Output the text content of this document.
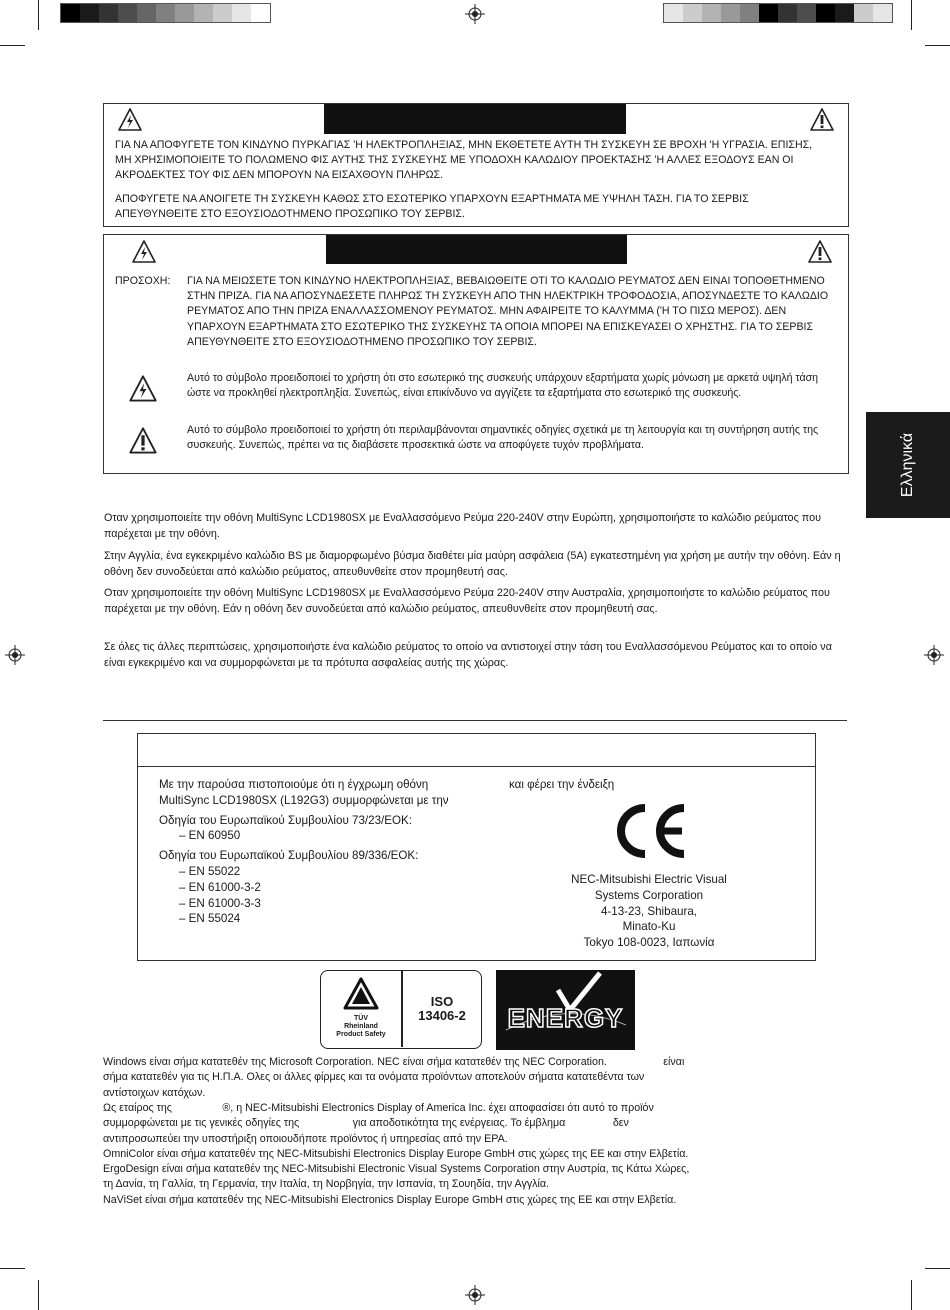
ΓΙΑ ΝΑ ΑΠΟΦΥΓΕΤΕ ΤΟΝ ΚΙΝΔΥΝΟ ΠΥΡΚΑΓΙΑΣ 'Η ΗΛΕΚΤΡΟΠΛΗΞΙΑΣ, ΜΗΝ ΕΚΘΕΤΕΤΕ ΑΥΤΗ ΤΗ ΣΥΣΚΕΥΗ ΣΕ ΒΡΟΧΗ 'Η ΥΓΡΑΣΙΑ. ΕΠΙΣΗΣ, ΜΗ ΧΡΗΣΙΜΟΠΟΙΕΙΤΕ ΤΟ ΠΟΛΩΜΕΝΟ ΦΙΣ ΑΥΤΗΣ ΤΗΣ ΣΥΣΚΕΥΗΣ ΜΕ ΥΠΟΔΟΧΗ ΚΑΛΩΔΙΟΥ ΠΡΟΕΚΤΑΣΗΣ 'Η ΑΛΛΕΣ ΕΞΟΔΟΥΣ ΕΑΝ ΟΙ ΑΚΡΟΔΕΚΤΕΣ ΤΟΥ ΦΙΣ ΔΕΝ ΜΠΟΡΟΥΝ ΝΑ ΕΙΣΑΧΘΟΥΝ ΠΛΗΡΩΣ.
ΑΠΟΦΥΓΕΤΕ ΝΑ ΑΝΟΙΓΕΤΕ ΤΗ ΣΥΣΚΕΥΗ ΚΑΘΩΣ ΣΤΟ ΕΣΩΤΕΡΙΚΟ ΥΠΑΡΧΟΥΝ ΕΞΑΡΤΗΜΑΤΑ ΜΕ ΥΨΗΛΗ ΤΑΣΗ. ΓΙΑ ΤΟ ΣΕΡΒΙΣ ΑΠΕΥΘΥΝΘΕΙΤΕ ΣΤΟ ΕΞΟΥΣΙΟΔΟΤΗΜΕΝΟ ΠΡΟΣΩΠΙΚΟ ΤΟΥ ΣΕΡΒΙΣ.
ΠΡΟΣΟΧΗ: ΓΙΑ ΝΑ ΜΕΙΩΣΕΤΕ ΤΟΝ ΚΙΝΔΥΝΟ ΗΛΕΚΤΡΟΠΛΗΞΙΑΣ, ΒΕΒΑΙΩΘΕΙΤΕ ΟΤΙ ΤΟ ΚΑΛΩΔΙΟ ΡΕΥΜΑΤΟΣ ΔΕΝ ΕΙΝΑΙ ΤΟΠΟΘΕΤΗΜΕΝΟ ΣΤΗΝ ΠΡΙΖΑ. ΓΙΑ ΝΑ ΑΠΟΣΥΝΔΕΣΕΤΕ ΠΛΗΡΩΣ ΤΗ ΣΥΣΚΕΥΗ ΑΠΟ ΤΗΝ ΗΛΕΚΤΡΙΚΗ ΤΡΟΦΟΔΟΣΙΑ, ΑΠΟΣΥΝΔΕΣΤΕ ΤΟ ΚΑΛΩΔΙΟ ΡΕΥΜΑΤΟΣ ΑΠΟ ΤΗΝ ΠΡΙΖΑ ΕΝΑΛΛΑΣΣΟΜΕΝΟΥ ΡΕΥΜΑΤΟΣ. ΜΗΝ ΑΦΑΙΡΕΙΤΕ ΤΟ ΚΑΛΥΜΜΑ ('Η ΤΟ ΠΙΣΩ ΜΕΡΟΣ). ΔΕΝ ΥΠΑΡΧΟΥΝ ΕΞΑΡΤΗΜΑΤΑ ΣΤΟ ΕΣΩΤΕΡΙΚΟ ΤΗΣ ΣΥΣΚΕΥΗΣ ΤΑ ΟΠΟΙΑ ΜΠΟΡΕΙ ΝΑ ΕΠΙΣΚΕΥΑΣΕΙ Ο ΧΡΗΣΤΗΣ. ΓΙΑ ΤΟ ΣΕΡΒΙΣ ΑΠΕΥΘΥΝΘΕΙΤΕ ΣΤΟ ΕΞΟΥΣΙΟΔΟΤΗΜΕΝΟ ΠΡΟΣΩΠΙΚΟ ΤΟΥ ΣΕΡΒΙΣ.
Αυτό το σύμβολο προειδοποιεί το χρήστη ότι στο εσωτερικό της συσκευής υπάρχουν εξαρτήματα χωρίς μόνωση με αρκετά υψηλή τάση ώστε να προκληθεί ηλεκτροπληξία. Συνεπώς, είναι επικίνδυνο να αγγίζετε τα εξαρτήματα στο εσωτερικό της συσκευής.
Αυτό το σύμβολο προειδοποιεί το χρήστη ότι περιλαμβάνονται σημαντικές οδηγίες σχετικά με τη λειτουργία και τη συντήρηση αυτής της συσκευής. Συνεπώς, πρέπει να τις διαβάσετε προσεκτικά ώστε να αποφύγετε τυχόν προβλήματα.	Ελληνικά
Οταν χρησιμοποιείτε την οθόνη MultiSync LCD1980SX με Εναλλασσόμενο Ρεύμα 220-240V στην Ευρώπη, χρησιμοποιήστε το καλώδιο ρεύματος που παρέχεται με την οθόνη.
Στην Αγγλία, ένα εγκεκριμένο καλώδιο BS με διαμορφωμένο βύσμα διαθέτει μία μαύρη ασφάλεια (5A) εγκατεστημένη για χρήση με αυτήν την οθόνη. Εάν η οθόνη δεν συνοδεύεται από καλώδιο ρεύματος, απευθυνθείτε στον προμηθευτή σας.
Οταν χρησιμοποιείτε την οθόνη MultiSync LCD1980SX με Εναλλασσόμενο Ρεύμα 220-240V στην Αυστραλία, χρησιμοποιήστε το καλώδιο ρεύματος που παρέχεται με την οθόνη. Εάν η οθόνη δεν συνοδεύεται από καλώδιο ρεύματος, απευθυνθείτε στον προμηθευτή σας.
Σε όλες τις άλλες περιπτώσεις, χρησιμοποιήστε ένα καλώδιο ρεύματος το οποίο να αντιστοιχεί στην τάση του Εναλλασσόμενου Ρεύματος και το οποίο να είναι εγκεκριμένο και να συμμορφώνεται με τα πρότυπα ασφαλείας αυτής της χώρας.
Με την παρούσα πιστοποιούμε ότι η έγχρωμη οθόνη MultiSync LCD1980SX (L192G3) συμμορφώνεται με την
Οδηγία του Ευρωπαϊκού Συμβουλίου 73/23/EOK:
– EN 60950
Οδηγία του Ευρωπαϊκού Συμβουλίου 89/336/EOK:
– EN 55022
– EN 61000-3-2
– EN 61000-3-3
– EN 55024
και φέρει την ένδειξη
NEC-Mitsubishi Electric Visual
Systems Corporation
4-13-23, Shibaura,
Minato-Ku
Tokyo 108-0023, Ιαπωνία
TÜV
Rheinland
Product Safety
ISO
13406-2	ENERGY
Windows είναι σήμα κατατεθέν της Microsoft Corporation. NEC είναι σήμα κατατεθέν της NEC Corporation.                   είναι
σήμα κατατεθέν για τις Η.Π.Α. Ολες οι άλλες φίρμες και τα ονόματα προϊόντων αποτελούν σήματα κατατεθέντα των
αντίστοιχων κατόχων.
Ως εταίρος της                 ®, η NEC-Mitsubishi Electronics Display of America Inc. έχει αποφασίσει ότι αυτό το προϊόν
συμμορφώνεται με τις γενικές οδηγίες της                  για αποδοτικότητα της ενέργειας. Το έμβλημα                δεν
αντιπροσωπεύει την υποστήριξη οποιουδήποτε προϊόντος ή υπηρεσίας από την EPA.
OmniColor είναι σήμα κατατεθέν της NEC-Mitsubishi Electronics Display Europe GmbH στις χώρες της ΕΕ και στην Ελβετία.
ErgoDesign είναι σήμα κατατεθέν της NEC-Mitsubishi Electronic Visual Systems Corporation στην Αυστρία, τις Κάτω Χώρες,
τη Δανία, τη Γαλλία, τη Γερμανία, την Ιταλία, τη Νορβηγία, την Ισπανία, τη Σουηδία, την Αγγλία.
NaViSet είναι σήμα κατατεθέν της NEC-Mitsubishi Electronics Display Europe GmbH στις χώρες της ΕΕ και στην Ελβετία.
